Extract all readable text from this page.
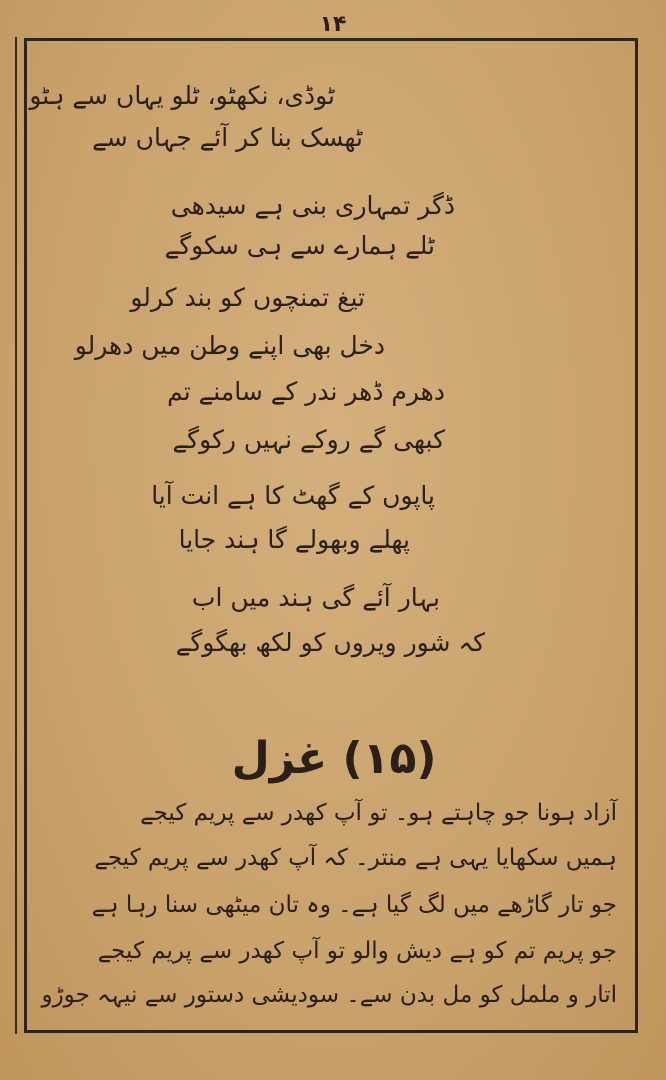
۱۴
ٹوڈی، نکھٹو، ٹلو یہاں سے ہٹو
ٹھسک بنا کر آئے جہاں سے
ڈگر تمہاری بنی ہے سیدھی
ٹلے ہمارے سے ہی سکوگے
تیغ تمنچوں کو بند کرلو
دخل بھی اپنے وطن میں دھرلو
دھرم ڈھر ندر کے سامنے تم
کبھی گے روکے نہیں رکوگے
پاپوں کے گھٹ کا ہے انت آیا
پھلے وبھولے گا ہند جایا
بہار آئے گی ہند میں اب
کہ شور ویروں کو لکھ بھگوگے
(۱۵) غزل
آزاد ہونا جو چاہتے ہو۔ تو آپ کھدر سے پریم کیجے
ہمیں سکھایا یہی ہے منتر۔ کہ آپ کھدر سے پریم کیجے
جو تار گاڑھے میں لگ گیا ہے۔ وہ تان میٹھی سنا رہا ہے
جو پریم تم کو ہے دیش والو تو آپ کھدر سے پریم کیجے
اتار و ململ کو مل بدن سے۔ سودیشی دستور سے نیہہ جوڑو
